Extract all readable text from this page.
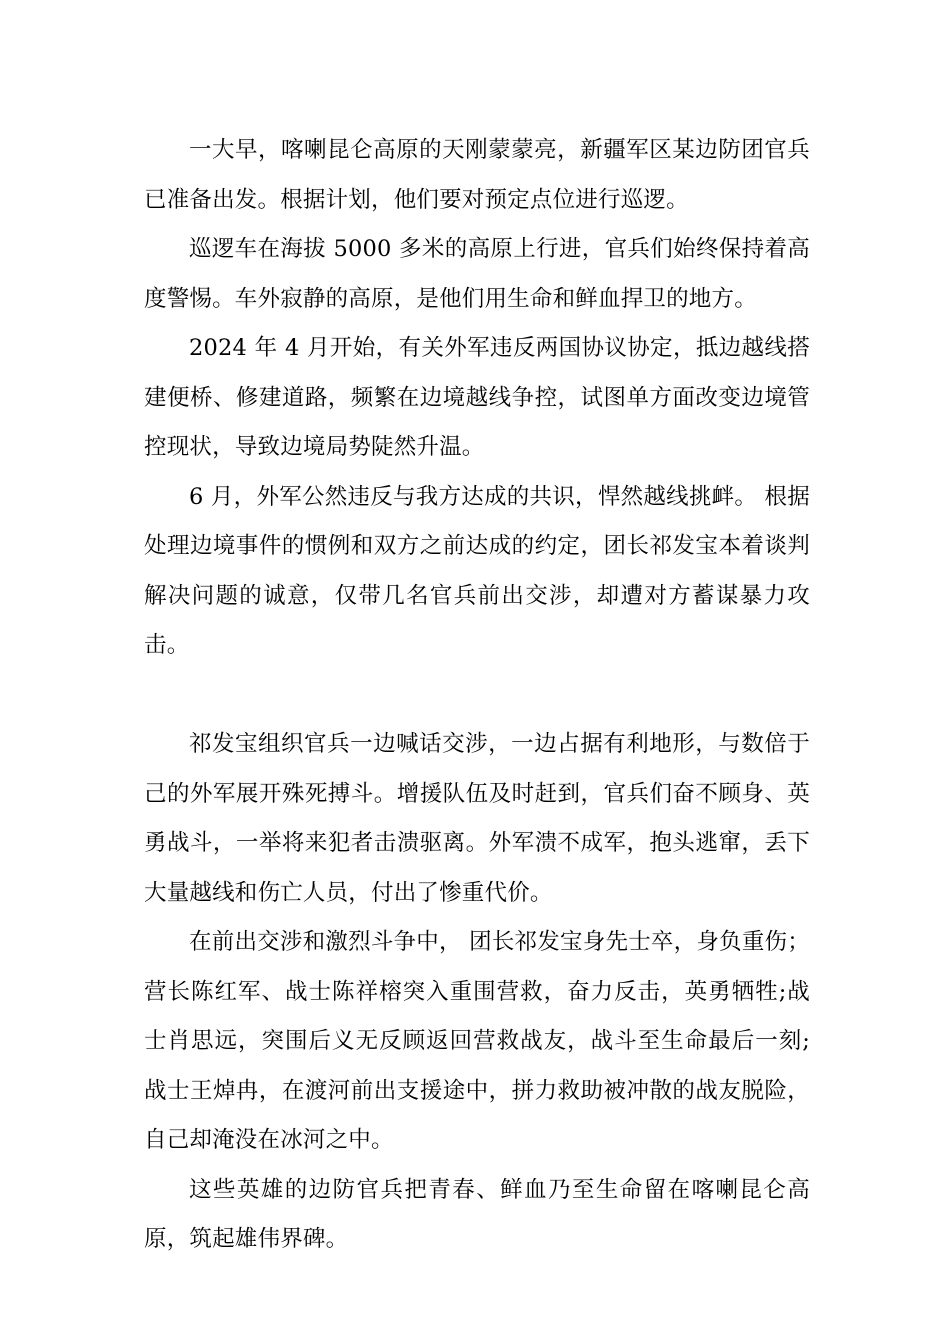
一大早，喀喇昆仑高原的天刚蒙蒙亮，新疆军区某边防团官兵已准备出发。根据计划，他们要对预定点位进行巡逻。

巡逻车在海拔 5000 多米的高原上行进，官兵们始终保持着高度警惕。车外寂静的高原，是他们用生命和鲜血捍卫的地方。

2024 年 4 月开始，有关外军违反两国协议协定，抵边越线搭建便桥、修建道路，频繁在边境越线争控，试图单方面改变边境管控现状，导致边境局势陡然升温。

6 月，外军公然违反与我方达成的共识，悍然越线挑衅。 根据处理边境事件的惯例和双方之前达成的约定，团长祁发宝本着谈判解决问题的诚意，仅带几名官兵前出交涉，却遭对方蓄谋暴力攻击。

祁发宝组织官兵一边喊话交涉，一边占据有利地形，与数倍于己的外军展开殊死搏斗。增援队伍及时赶到，官兵们奋不顾身、英勇战斗，一举将来犯者击溃驱离。外军溃不成军，抱头逃窜，丢下大量越线和伤亡人员，付出了惨重代价。

在前出交涉和激烈斗争中， 团长祁发宝身先士卒，身负重伤；营长陈红军、战士陈祥榕突入重围营救，奋力反击，英勇牺牲;战士肖思远，突围后义无反顾返回营救战友，战斗至生命最后一刻;战士王焯冉，在渡河前出支援途中，拼力救助被冲散的战友脱险，自己却淹没在冰河之中。

这些英雄的边防官兵把青春、鲜血乃至生命留在喀喇昆仑高原，筑起雄伟界碑。
